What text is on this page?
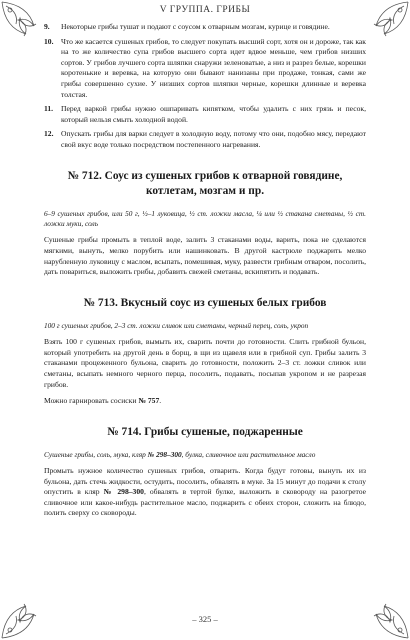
V ГРУППА. ГРИБЫ
9.	Некоторые грибы тушат и подают с соусом к отварным мозгам, курице и говядине.
10. Что же касается сушеных грибов, то следует покупать высший сорт, хотя он и дороже, так как на то же количество супа грибов высшего сорта идет вдвое меньше, чем грибов низших сортов. У грибов лучшего сорта шляпки снаружи зеленоватые, а низ и разрез белые, корешки коротенькие и веревка, на которую они бывают нанизаны при продаже, тонкая, сами же грибы совершенно сухие. У низших сортов шляпки черные, корешки длинные и веревка толстая.
11.	Перед варкой грибы нужно ошпаривать кипятком, чтобы удалить с них грязь и песок, который нельзя смыть холодной водой.
12. Опускать грибы для варки следует в холодную воду, потому что они, подобно мясу, передают свой вкус воде только посредством постепенного нагревания.
№ 712. Соус из сушеных грибов к отварной говядине, котлетам, мозгам и пр.
6–9 сушеных грибов, или 50 г, ½–1 луковица, ½ ст. ложки масла, ¼ или ½ стакана сметаны, ½ ст. ложки муки, соль
Сушеные грибы промыть в теплой воде, залить 3 стаканами воды, варить, пока не сделаются мягкими, вынуть, мелко порубить или нашинковать. В другой кастрюле поджарить мелко нарубленную луковицу с маслом, всыпать, помешивая, муку, развести грибным отваром, посолить, дать повариться, выложить грибы, добавить свежей сметаны, вскипятить и подавать.
№ 713. Вкусный соус из сушеных белых грибов
100 г сушеных грибов, 2–3 ст. ложки сливок или сметаны, черный перец, соль, укроп
Взять 100 г сушеных грибов, вымыть их, сварить почти до готовности. Слить грибной бульон, который употребить на другой день в борщ, в щи из щавеля или в грибной суп. Грибы залить 3 стаканами процеженного бульона, сварить до готовности, положить 2–3 ст. ложки сливок или сметаны, всыпать немного черного перца, посолить, подавать, посыпав укропом и не разрезая грибов.
Можно гарнировать сосиски № 757.
№ 714. Грибы сушеные, поджаренные
Сушеные грибы, соль, мука, кляр № 298–300, булка, сливочное или растительное масло
Промыть нужное количество сушеных грибов, отварить. Когда будут готовы, вынуть их из бульона, дать стечь жидкости, остудить, посолить, обвалять в муке. За 15 минут до подачи к столу опустить в кляр № 298–300, обвалять в тертой булке, выложить в сковороду на разогретое сливочное или какое-нибудь растительное масло, поджарить с обеих сторон, сложить на блюдо, полить сверху со сковороды.
– 325 –
